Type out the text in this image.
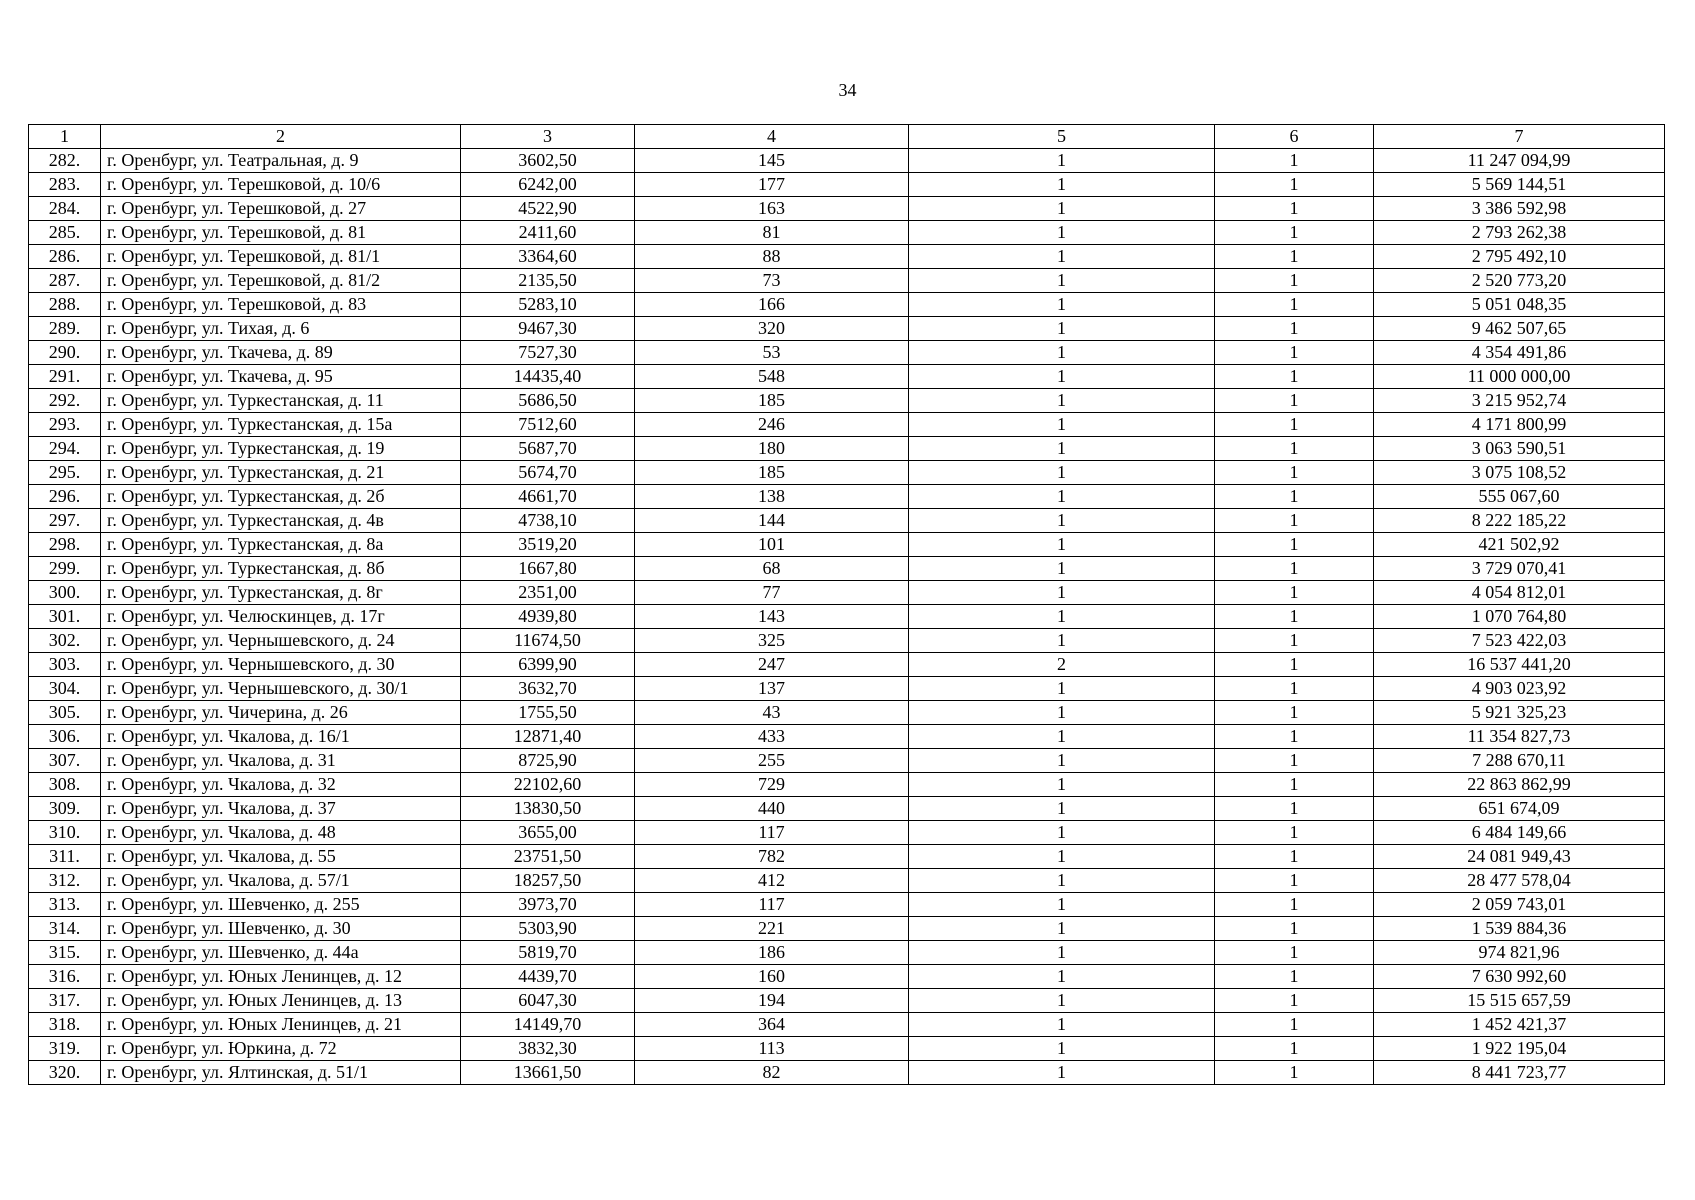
34
1	2	3	4	5	6	7
282.	г. Оренбург, ул. Театральная, д. 9	3602,50	145	1	1	11 247 094,99
283.	г. Оренбург, ул. Терешковой, д. 10/6	6242,00	177	1	1	5 569 144,51
284.	г. Оренбург, ул. Терешковой, д. 27	4522,90	163	1	1	3 386 592,98
285.	г. Оренбург, ул. Терешковой, д. 81	2411,60	81	1	1	2 793 262,38
286.	г. Оренбург, ул. Терешковой, д. 81/1	3364,60	88	1	1	2 795 492,10
287.	г. Оренбург, ул. Терешковой, д. 81/2	2135,50	73	1	1	2 520 773,20
288.	г. Оренбург, ул. Терешковой, д. 83	5283,10	166	1	1	5 051 048,35
289.	г. Оренбург, ул. Тихая, д. 6	9467,30	320	1	1	9 462 507,65
290.	г. Оренбург, ул. Ткачева, д. 89	7527,30	53	1	1	4 354 491,86
291.	г. Оренбург, ул. Ткачева, д. 95	14435,40	548	1	1	11 000 000,00
292.	г. Оренбург, ул. Туркестанская, д. 11	5686,50	185	1	1	3 215 952,74
293.	г. Оренбург, ул. Туркестанская, д. 15а	7512,60	246	1	1	4 171 800,99
294.	г. Оренбург, ул. Туркестанская, д. 19	5687,70	180	1	1	3 063 590,51
295.	г. Оренбург, ул. Туркестанская, д. 21	5674,70	185	1	1	3 075 108,52
296.	г. Оренбург, ул. Туркестанская, д. 2б	4661,70	138	1	1	555 067,60
297.	г. Оренбург, ул. Туркестанская, д. 4в	4738,10	144	1	1	8 222 185,22
298.	г. Оренбург, ул. Туркестанская, д. 8а	3519,20	101	1	1	421 502,92
299.	г. Оренбург, ул. Туркестанская, д. 8б	1667,80	68	1	1	3 729 070,41
300.	г. Оренбург, ул. Туркестанская, д. 8г	2351,00	77	1	1	4 054 812,01
301.	г. Оренбург, ул. Челюскинцев, д. 17г	4939,80	143	1	1	1 070 764,80
302.	г. Оренбург, ул. Чернышевского, д. 24	11674,50	325	1	1	7 523 422,03
303.	г. Оренбург, ул. Чернышевского, д. 30	6399,90	247	2	1	16 537 441,20
304.	г. Оренбург, ул. Чернышевского, д. 30/1	3632,70	137	1	1	4 903 023,92
305.	г. Оренбург, ул. Чичерина, д. 26	1755,50	43	1	1	5 921 325,23
306.	г. Оренбург, ул. Чкалова, д. 16/1	12871,40	433	1	1	11 354 827,73
307.	г. Оренбург, ул. Чкалова, д. 31	8725,90	255	1	1	7 288 670,11
308.	г. Оренбург, ул. Чкалова, д. 32	22102,60	729	1	1	22 863 862,99
309.	г. Оренбург, ул. Чкалова, д. 37	13830,50	440	1	1	651 674,09
310.	г. Оренбург, ул. Чкалова, д. 48	3655,00	117	1	1	6 484 149,66
311.	г. Оренбург, ул. Чкалова, д. 55	23751,50	782	1	1	24 081 949,43
312.	г. Оренбург, ул. Чкалова, д. 57/1	18257,50	412	1	1	28 477 578,04
313.	г. Оренбург, ул. Шевченко, д. 255	3973,70	117	1	1	2 059 743,01
314.	г. Оренбург, ул. Шевченко, д. 30	5303,90	221	1	1	1 539 884,36
315.	г. Оренбург, ул. Шевченко, д. 44а	5819,70	186	1	1	974 821,96
316.	г. Оренбург, ул. Юных Ленинцев, д. 12	4439,70	160	1	1	7 630 992,60
317.	г. Оренбург, ул. Юных Ленинцев, д. 13	6047,30	194	1	1	15 515 657,59
318.	г. Оренбург, ул. Юных Ленинцев, д. 21	14149,70	364	1	1	1 452 421,37
319.	г. Оренбург, ул. Юркина, д. 72	3832,30	113	1	1	1 922 195,04
320.	г. Оренбург, ул. Ялтинская, д. 51/1	13661,50	82	1	1	8 441 723,77
